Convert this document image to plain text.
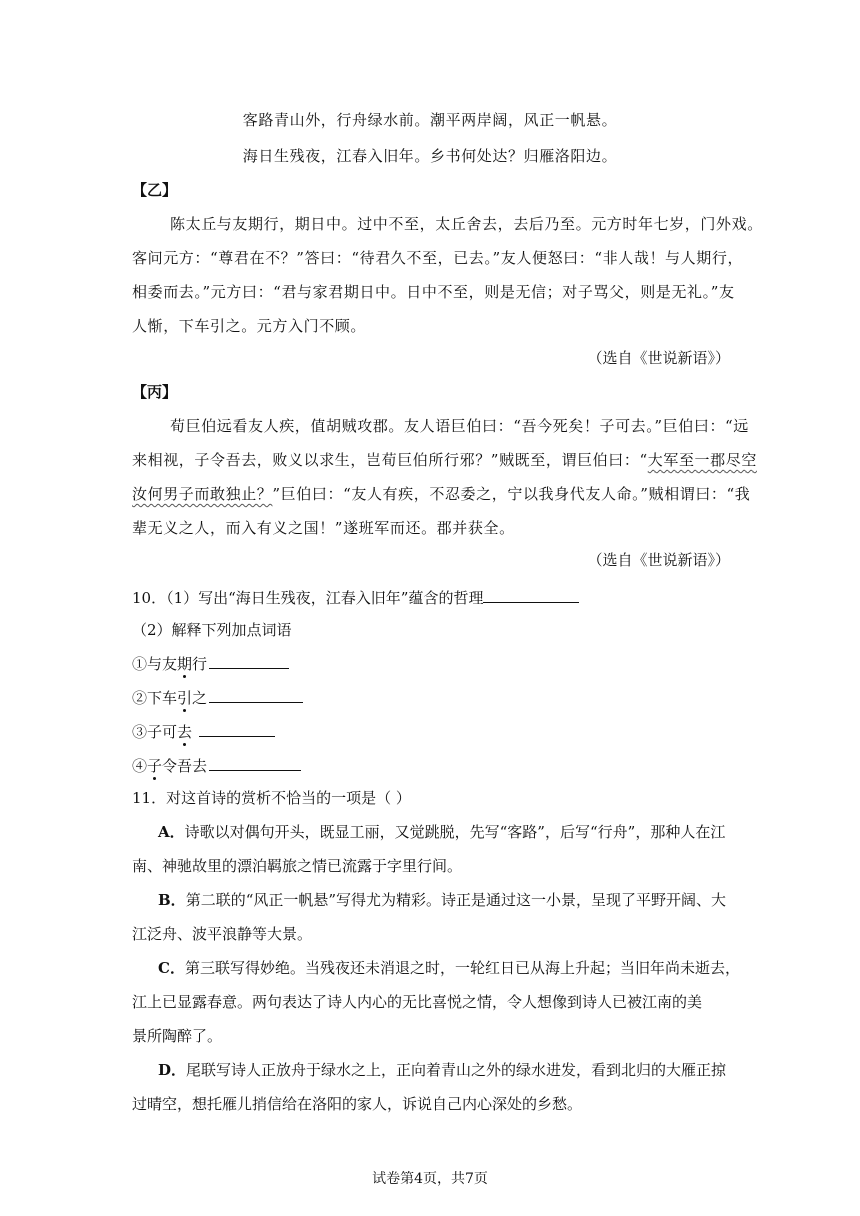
客路青山外，行舟绿水前。潮平两岸阔，风正一帆悬。
海日生残夜，江春入旧年。乡书何处达？归雁洛阳边。
【乙】
陈太丘与友期行，期日中。过中不至，太丘舍去，去后乃至。元方时年七岁，门外戏。
客问元方：“尊君在不？”答曰：“待君久不至，已去。”友人便怒曰：“非人哉！与人期行，
相委而去。”元方曰：“君与家君期日中。日中不至，则是无信；对子骂父，则是无礼。”友
人惭，下车引之。元方入门不顾。
（选自《世说新语》）
【丙】
荀巨伯远看友人疾，值胡贼攻郡。友人语巨伯曰：“吾今死矣！子可去。”巨伯曰：“远
来相视，子令吾去，败义以求生，岂荀巨伯所行邪？”贼既至，谓巨伯曰：“大军至一郡尽空
汝何男子而敢独止？”巨伯曰：“友人有疾，不忍委之，宁以我身代友人命。”贼相谓曰：“我
辈无义之人，而入有义之国！”遂班军而还。郡并获全。
（选自《世说新语》）
10．（1）写出“海日生残夜，江春入旧年”蕴含的哲理
（2）解释下列加点词语
①与友期行
②下车引之
③子可去
④子令吾去
11．对这首诗的赏析不恰当的一项是（ ）
A．诗歌以对偶句开头，既显工丽，又觉跳脱，先写“客路”，后写“行舟”，那种人在江
南、神驰故里的漂泊羁旅之情已流露于字里行间。
B．第二联的“风正一帆悬”写得尤为精彩。诗正是通过这一小景，呈现了平野开阔、大
江泛舟、波平浪静等大景。
C．第三联写得妙绝。当残夜还未消退之时，一轮红日已从海上升起；当旧年尚未逝去，
江上已显露春意。两句表达了诗人内心的无比喜悦之情，令人想像到诗人已被江南的美
景所陶醉了。
D．尾联写诗人正放舟于绿水之上，正向着青山之外的绿水进发，看到北归的大雁正掠
过晴空，想托雁儿捎信给在洛阳的家人，诉说自己内心深处的乡愁。
试卷第4页，共7页
